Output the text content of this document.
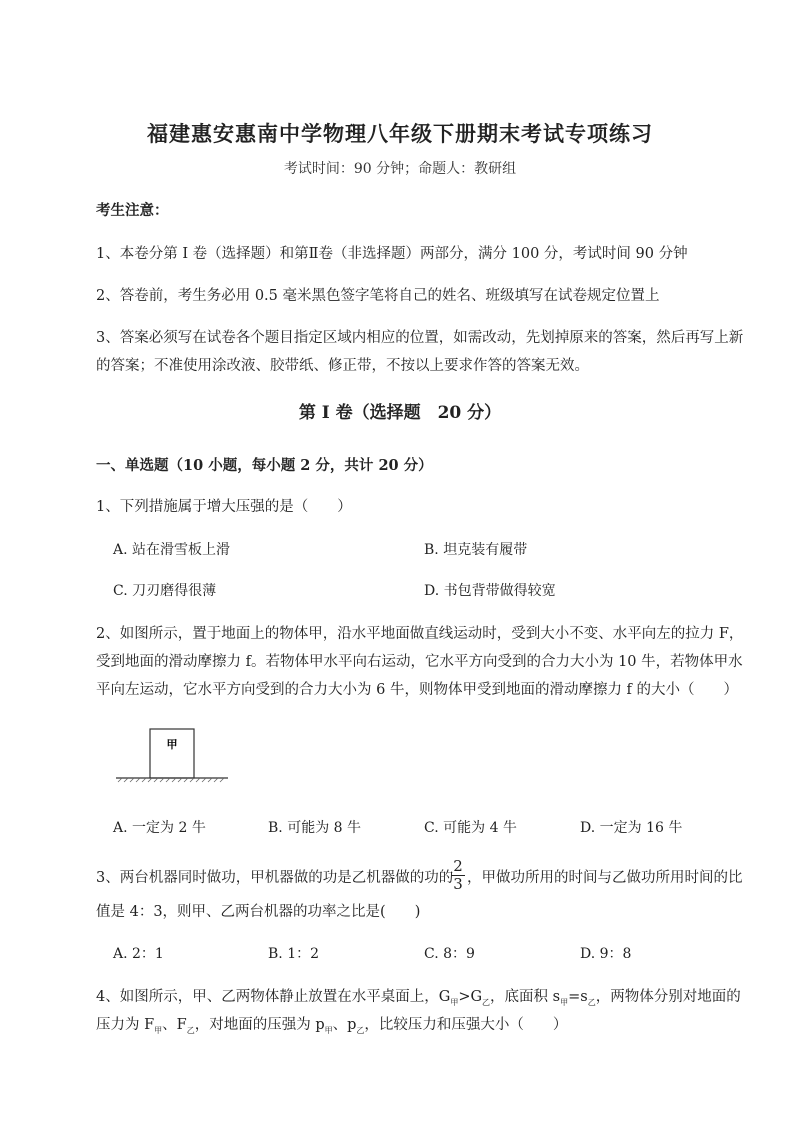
福建惠安惠南中学物理八年级下册期末考试专项练习
考试时间：90 分钟；命题人：教研组
考生注意：
1、本卷分第 I 卷（选择题）和第Ⅱ卷（非选择题）两部分，满分 100 分，考试时间 90 分钟
2、答卷前，考生务必用 0.5 毫米黑色签字笔将自己的姓名、班级填写在试卷规定位置上
3、答案必须写在试卷各个题目指定区域内相应的位置，如需改动，先划掉原来的答案，然后再写上新
的答案；不准使用涂改液、胶带纸、修正带，不按以上要求作答的答案无效。
第 I 卷（选择题　20 分）
一、单选题（10 小题，每小题 2 分，共计 20 分）
1、下列措施属于增大压强的是（　　）
A. 站在滑雪板上滑	B. 坦克装有履带
C. 刀刃磨得很薄	D. 书包背带做得较宽
2、如图所示，置于地面上的物体甲，沿水平地面做直线运动时，受到大小不变、水平向左的拉力 F，
受到地面的滑动摩擦力 f。若物体甲水平向右运动，它水平方向受到的合力大小为 10 牛，若物体甲水
平向左运动，它水平方向受到的合力大小为 6 牛，则物体甲受到地面的滑动摩擦力 f 的大小（　　）
甲
A. 一定为 2 牛	B. 可能为 8 牛	C. 可能为 4 牛	D. 一定为 16 牛
3、两台机器同时做功，甲机器做的功是乙机器做的功的
$\frac{2}{3}$ ，甲做功所用的时间与乙做功所用时间的比
值是 4：3，则甲、乙两台机器的功率之比是(　　)
A. 2：1	B. 1：2	C. 8：9	D. 9：8
4、如图所示，甲、乙两物体静止放置在水平桌面上，$G_甲>G_乙$，底面积 $s_甲=s_乙$，两物体分别对地面的
压力为 $F_甲$、$F_乙$，对地面的压强为 $p_甲$、$p_乙$，比较压力和压强大小（　　）
